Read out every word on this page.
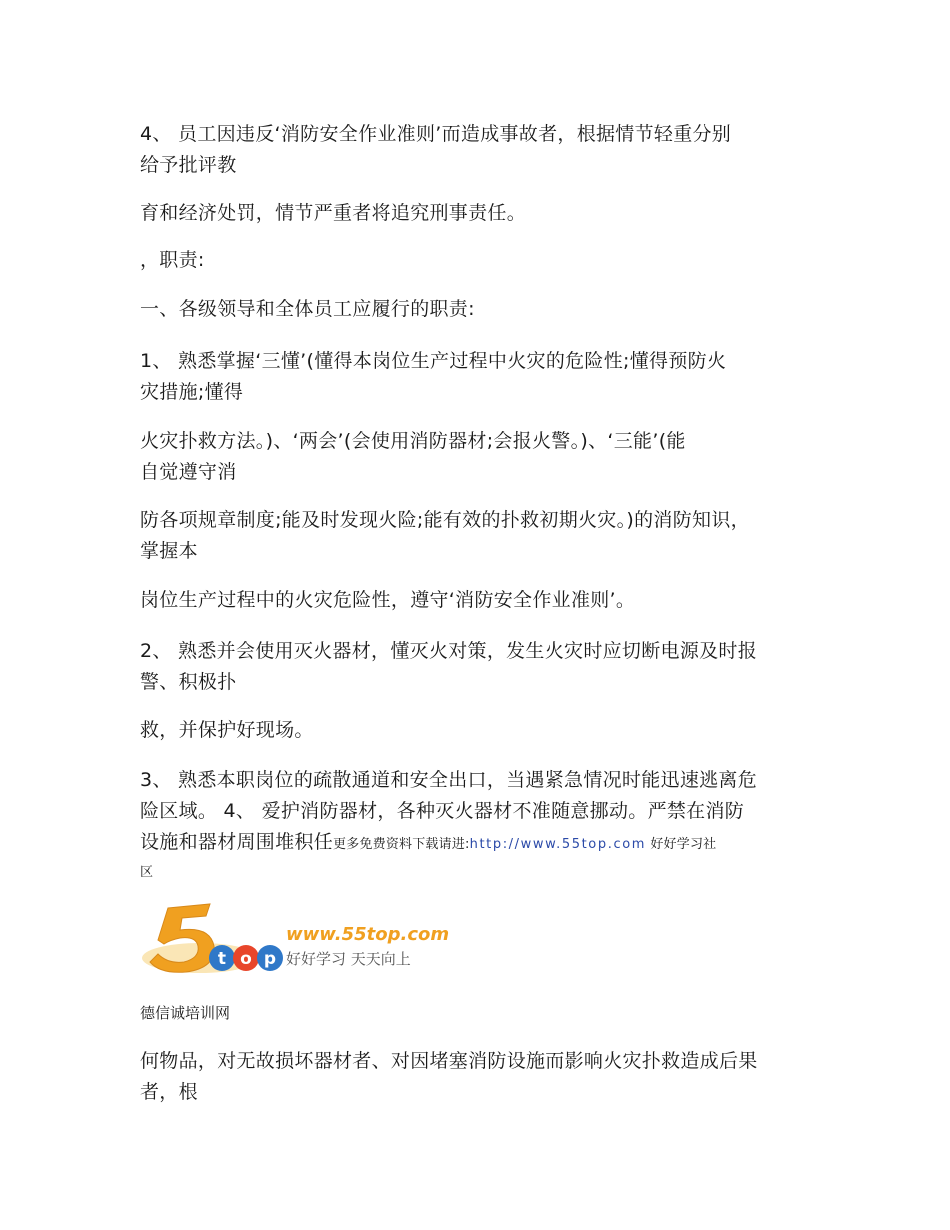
4、 员工因违反‘消防安全作业准则’而造成事故者，根据情节轻重分别
给予批评教
育和经济处罚，情节严重者将追究刑事责任。
，职责:
一、各级领导和全体员工应履行的职责:
1、 熟悉掌握‘三懂’(懂得本岗位生产过程中火灾的危险性;懂得预防火
灾措施;懂得
火灾扑救方法。)、‘两会’(会使用消防器材;会报火警。)、‘三能’(能
自觉遵守消
防各项规章制度;能及时发现火险;能有效的扑救初期火灾。)的消防知识，
掌握本
岗位生产过程中的火灾危险性，遵守‘消防安全作业准则’。
2、 熟悉并会使用灭火器材，懂灭火对策，发生火灾时应切断电源及时报
警、积极扑
救，并保护好现场。
3、 熟悉本职岗位的疏散通道和安全出口，当遇紧急情况时能迅速逃离危
险区域。 4、 爱护消防器材，各种灭火器材不准随意挪动。严禁在消防
设施和器材周围堆积任更多免费资料下载请进:http://www.55top.com 好好学习社
区
t o p
www.55top.com
好好学习 天天向上
德信诚培训网
何物品，对无故损坏器材者、对因堵塞消防设施而影响火灾扑救造成后果
者，根
